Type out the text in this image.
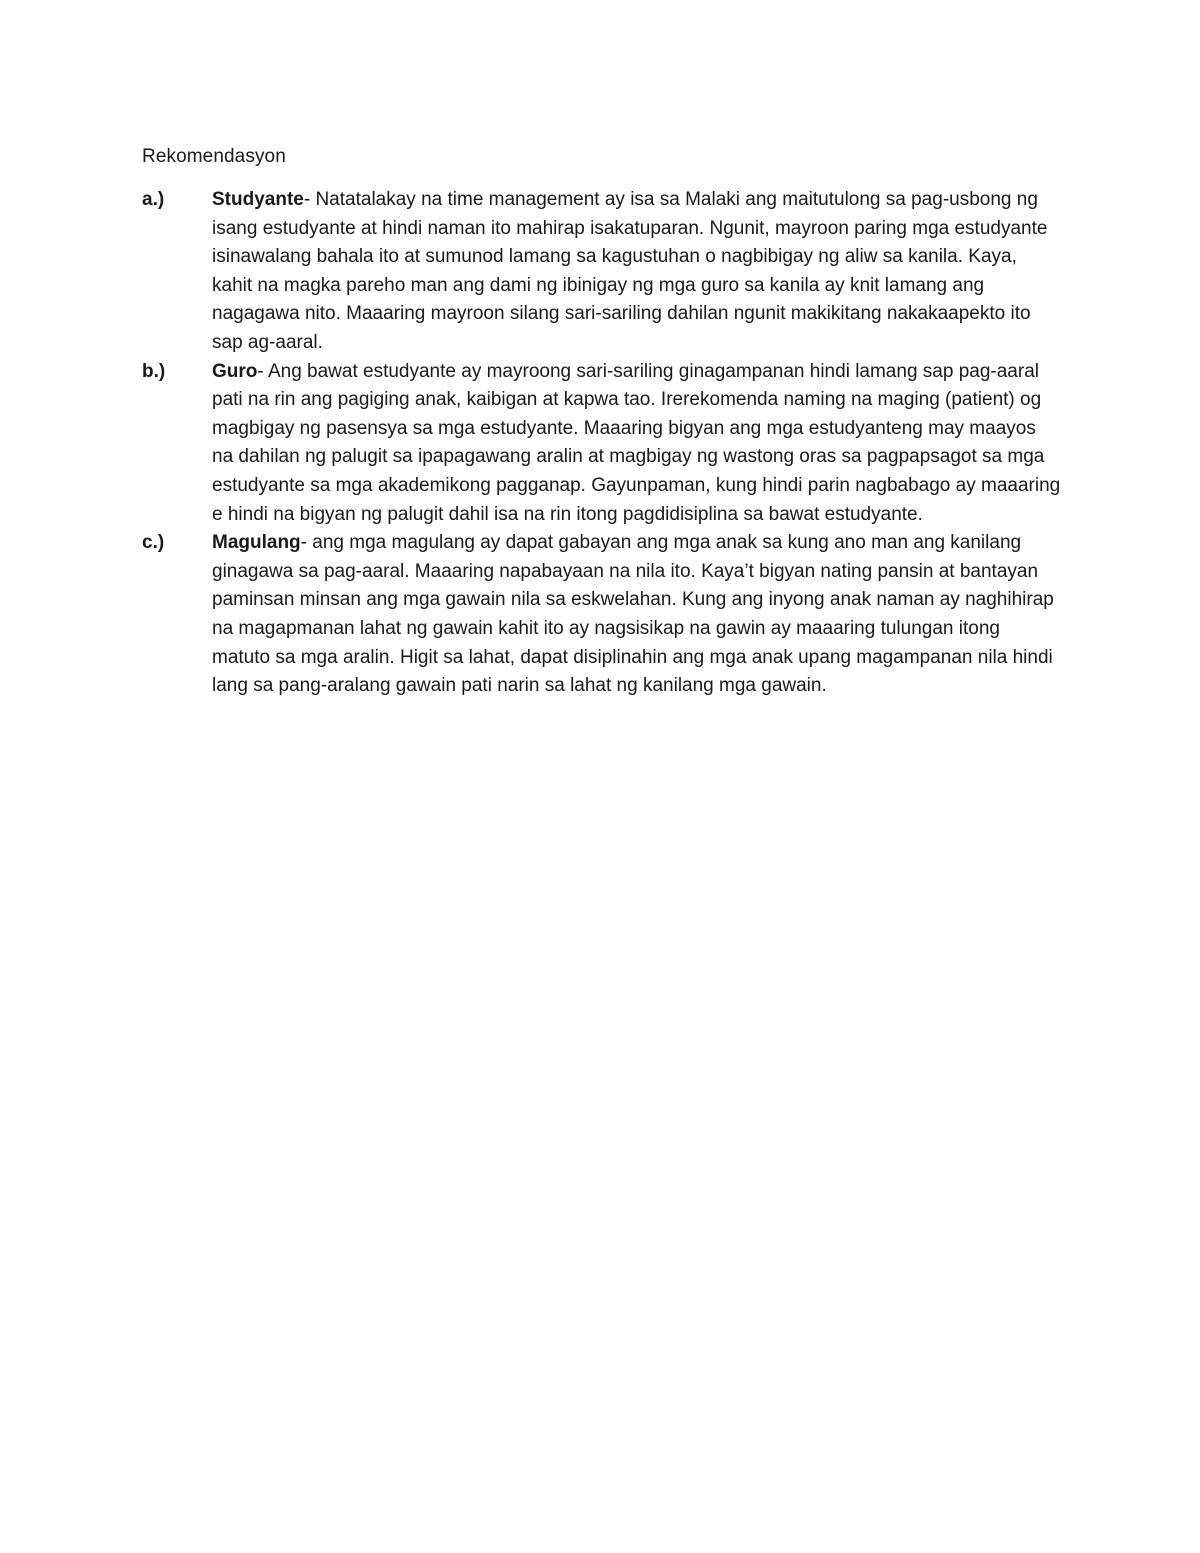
Rekomendasyon
a.)	Studyante- Natatalakay na time management ay isa sa Malaki ang maitutulong sa pag-usbong ng isang estudyante at hindi naman ito mahirap isakatuparan. Ngunit, mayroon paring mga estudyante isinawalang bahala ito at sumunod lamang sa kagustuhan o nagbibigay ng aliw sa kanila. Kaya, kahit na magka pareho man ang dami ng ibinigay ng mga guro sa kanila ay knit lamang ang nagagawa nito. Maaaring mayroon silang sari-sariling dahilan ngunit makikitang nakakaapekto ito sap ag-aaral.
b.) Guro- Ang bawat estudyante ay mayroong sari-sariling ginagampanan hindi lamang sap pag-aaral pati na rin ang pagiging anak, kaibigan at kapwa tao. Irerekomenda naming na maging (patient) og magbigay ng pasensya sa mga estudyante. Maaaring bigyan ang mga estudyanteng may maayos na dahilan ng palugit sa ipapagawang aralin at magbigay ng wastong oras sa pagpapsagot sa mga estudyante sa mga akademikong pagganap. Gayunpaman, kung hindi parin nagbabago ay maaaring e hindi na bigyan ng palugit dahil isa na rin itong pagdidisiplina sa bawat estudyante.
c.)	Magulang- ang mga magulang ay dapat gabayan ang mga anak sa kung ano man ang kanilang ginagawa sa pag-aaral. Maaaring napabayaan na nila ito. Kaya’t bigyan nating pansin at bantayan paminsan minsan ang mga gawain nila sa eskwelahan. Kung ang inyong anak naman ay naghihirap na magapmanan lahat ng gawain kahit ito ay nagsisikap na gawin ay maaaring tulungan itong matuto sa mga aralin. Higit sa lahat, dapat disiplinahin ang mga anak upang magampanan nila hindi lang sa pang-aralang gawain pati narin sa lahat ng kanilang mga gawain.
